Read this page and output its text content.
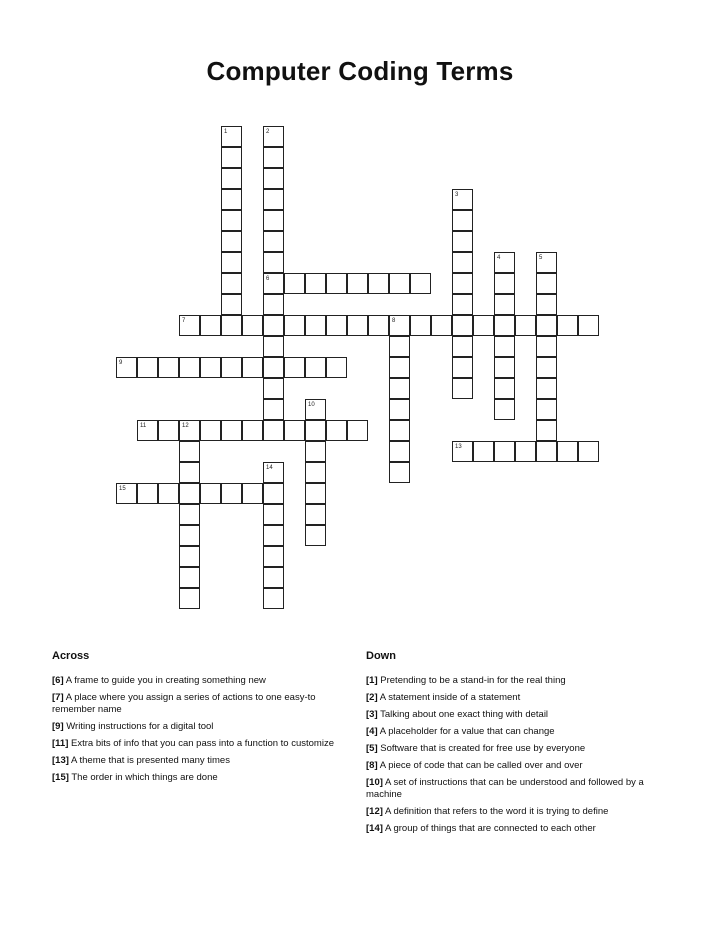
Computer Coding Terms
1	2
3
4	5
6
7	8
9
10
11	12
13
14
15
Across
[6] A frame to guide you in creating something new
[7] A place where you assign a series of actions to one easy-to remember name
[9] Writing instructions for a digital tool
[11] Extra bits of info that you can pass into a function to customize
[13] A theme that is presented many times
[15] The order in which things are done
Down
[1] Pretending to be a stand-in for the real thing
[2] A statement inside of a statement
[3] Talking about one exact thing with detail
[4] A placeholder for a value that can change
[5] Software that is created for free use by everyone
[8] A piece of code that can be called over and over
[10] A set of instructions that can be understood and followed by a machine
[12] A definition that refers to the word it is trying to define
[14] A group of things that are connected to each other
